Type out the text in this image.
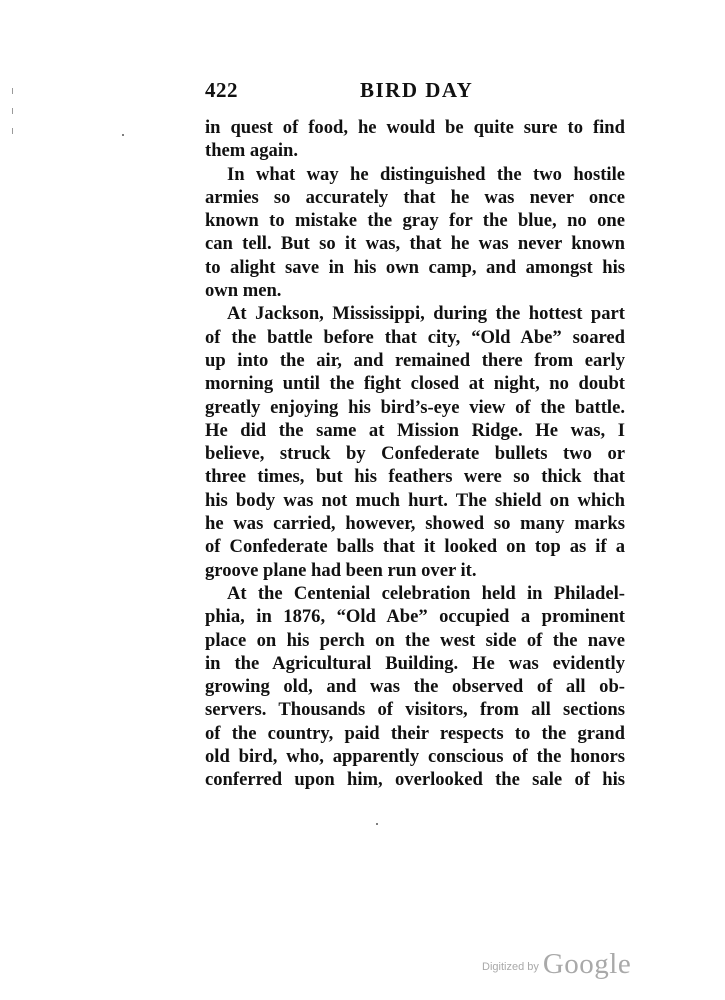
422	BIRD DAY
in quest of food, he would be quite sure to find
them again.
In what way he distinguished the two hostile
armies so accurately that he was never once
known to mistake the gray for the blue, no one
can tell. But so it was, that he was never known
to alight save in his own camp, and amongst his
own men.
At Jackson, Mississippi, during the hottest part
of the battle before that city, “Old Abe” soared
up into the air, and remained there from early
morning until the fight closed at night, no doubt
greatly enjoying his bird’s-eye view of the battle.
He did the same at Mission Ridge. He was, I
believe, struck by Confederate bullets two or
three times, but his feathers were so thick that
his body was not much hurt. The shield on which
he was carried, however, showed so many marks
of Confederate balls that it looked on top as if a
groove plane had been run over it.
At the Centenial celebration held in Philadel-
phia, in 1876, “Old Abe” occupied a prominent
place on his perch on the west side of the nave
in the Agricultural Building. He was evidently
growing old, and was the observed of all ob-
servers. Thousands of visitors, from all sections
of the country, paid their respects to the grand
old bird, who, apparently conscious of the honors
conferred upon him, overlooked the sale of his
Digitized by Google
